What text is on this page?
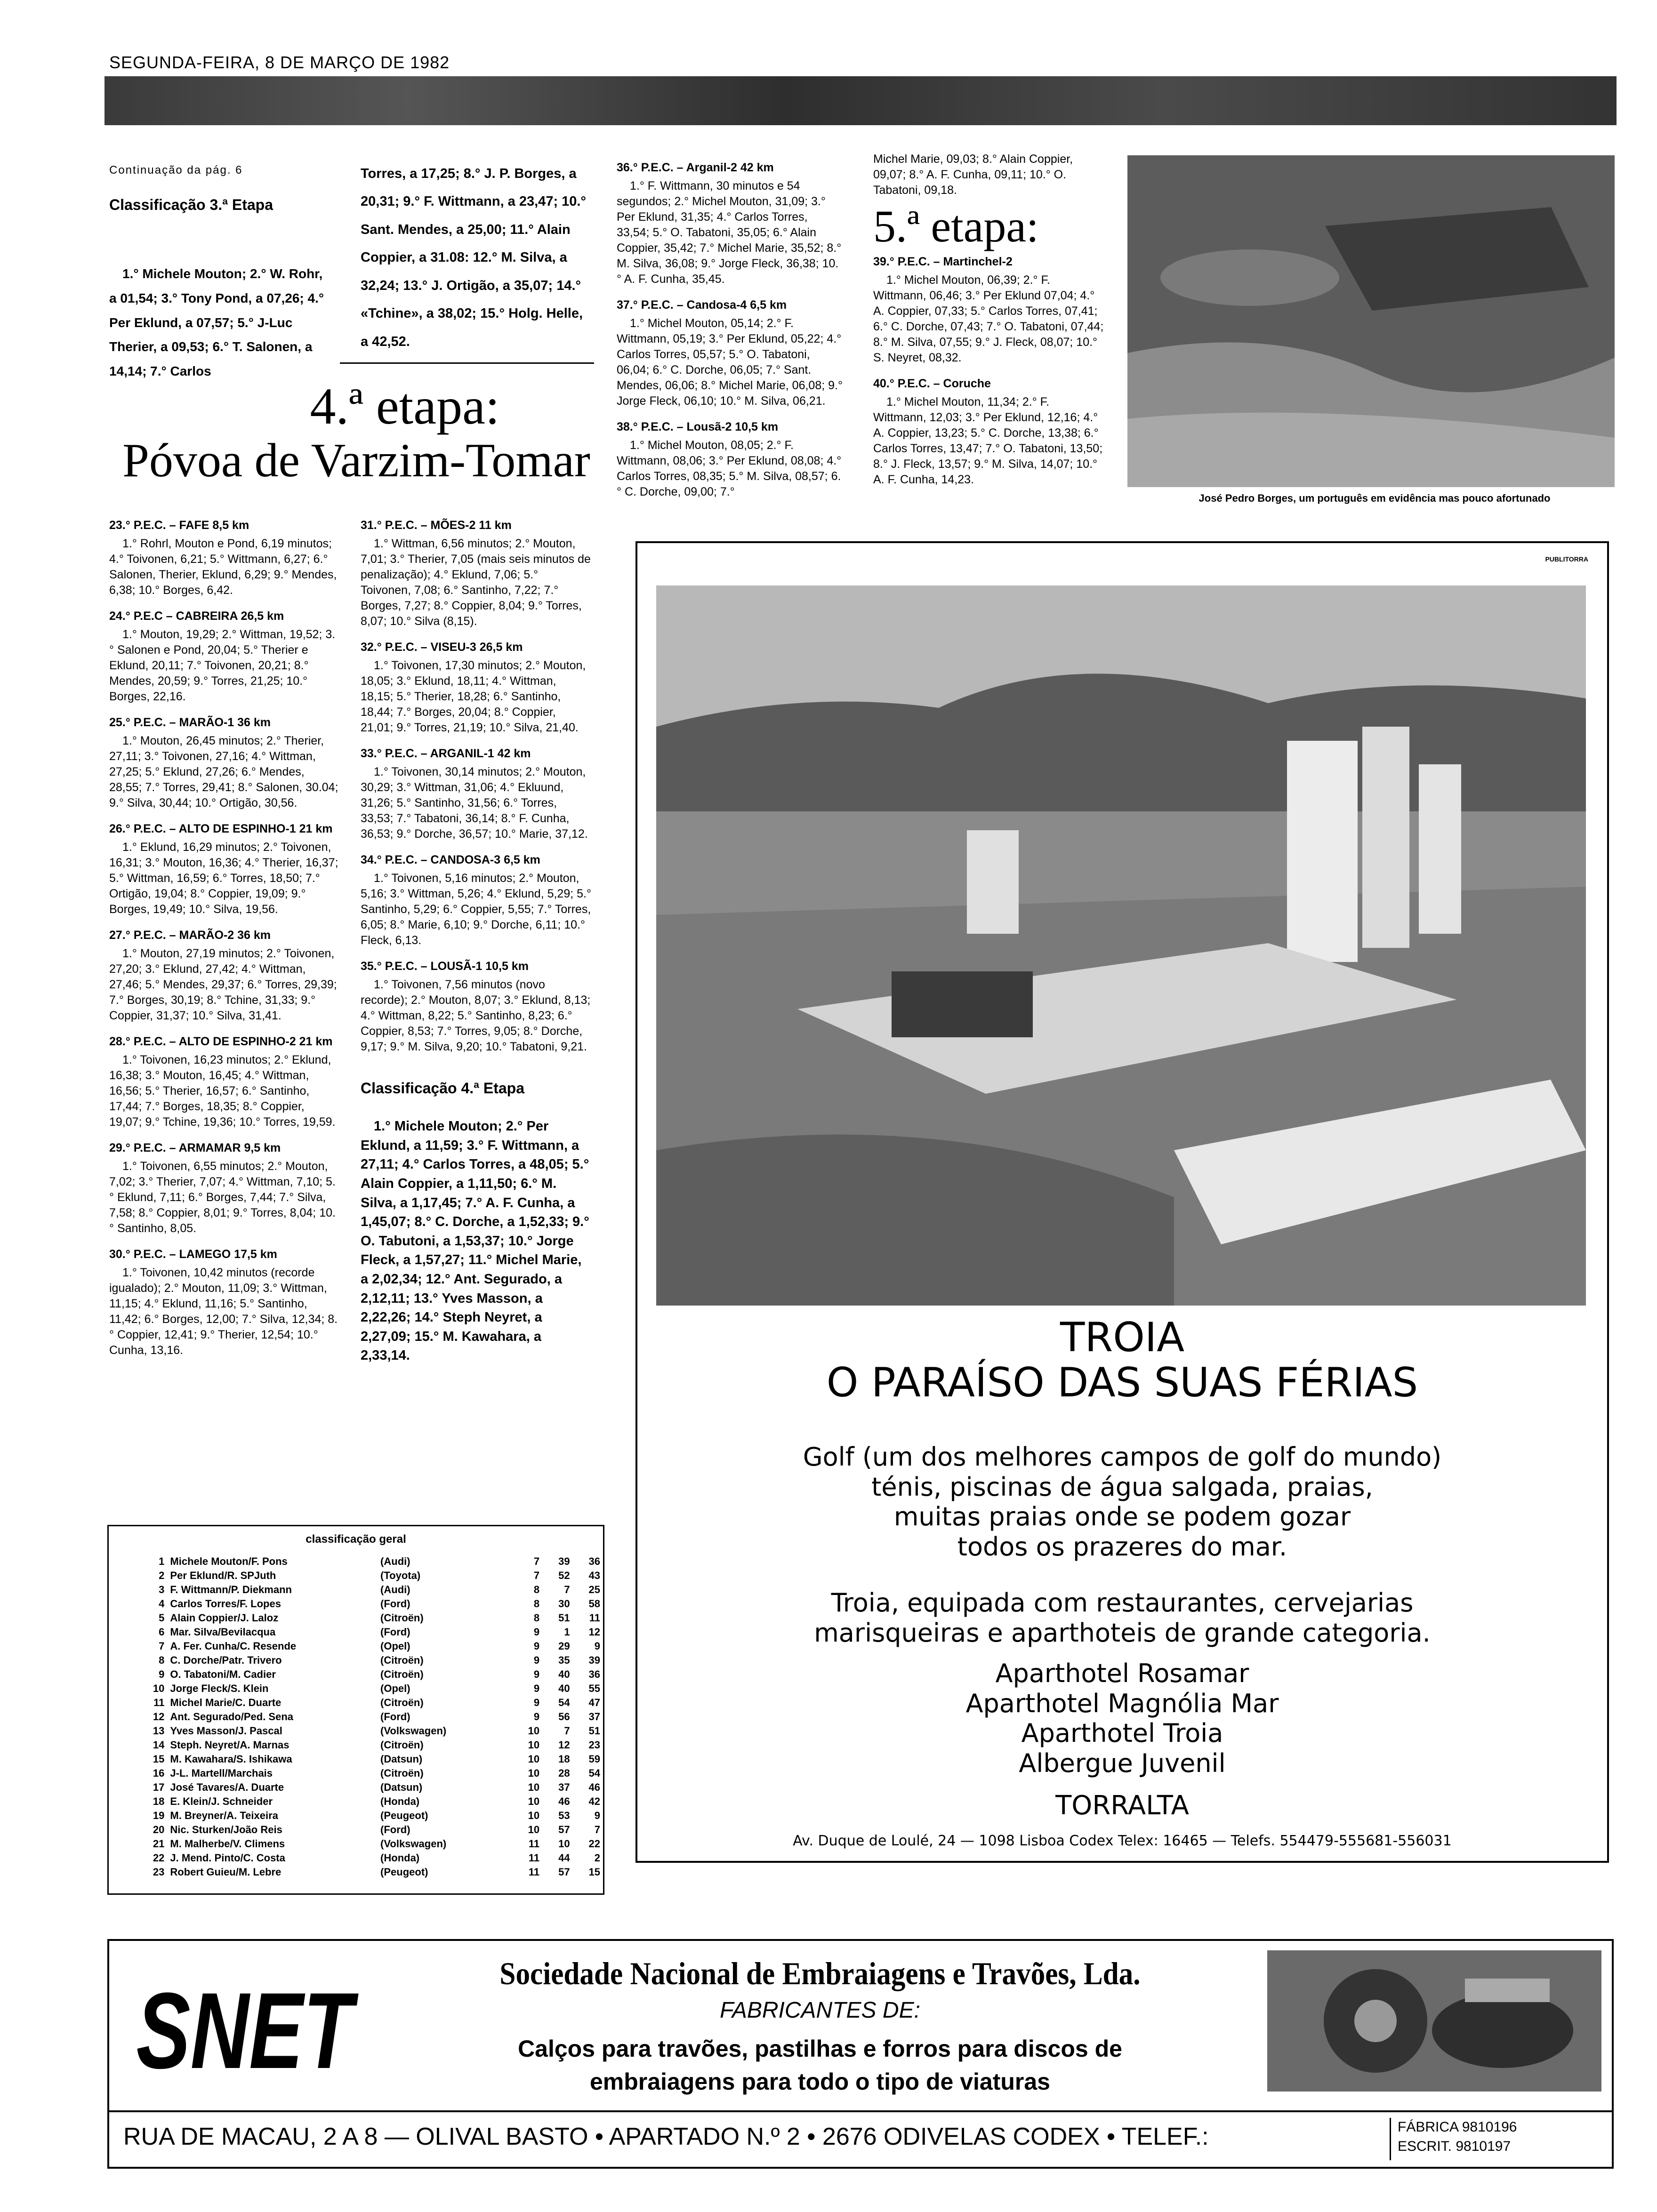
SEGUNDA-FEIRA, 8 DE MARÇO DE 1982
Continuação da pág. 6
Classificação 3.ª Etapa

1.° Michele Mouton; 2.° W. Rohr, a 01,54; 3.° Tony Pond, a 07,26; 4.° Per Eklund, a 07,57; 5.° J-Luc Therier, a 09,53; 6.° T. Salonen, a 14,14; 7.° Carlos

Torres, a 17,25; 8.° J. P. Borges, a 20,31; 9.° F. Wittmann, a 23,47; 10.° Sant. Mendes, a 25,00; 11.° Alain Coppier, a 31.08: 12.° M. Silva, a 32,24; 13.° J. Ortigão, a 35,07; 14.° «Tchine», a 38,02; 15.° Holg. Helle, a 42,52.

4.ª etapa:
Póvoa de Varzim-Tomar
23.° P.E.C. – FAFE 8,5 km

1.° Rohrl, Mouton e Pond, 6,19 minutos; 4.° Toivonen, 6,21; 5.° Wittmann, 6,27; 6.° Salonen, Therier, Eklund, 6,29; 9.° Mendes, 6,38; 10.° Borges, 6,42.

24.° P.E.C – CABREIRA 26,5 km

1.° Mouton, 19,29; 2.° Wittman, 19,52; 3.° Salonen e Pond, 20,04; 5.° Therier e Eklund, 20,11; 7.° Toivonen, 20,21; 8.° Mendes, 20,59; 9.° Torres, 21,25; 10.° Borges, 22,16.

25.° P.E.C. – MARÃO-1 36 km

1.° Mouton, 26,45 minutos; 2.° Therier, 27,11; 3.° Toivonen, 27,16; 4.° Wittman, 27,25; 5.° Eklund, 27,26; 6.° Mendes, 28,55; 7.° Torres, 29,41; 8.° Salonen, 30.04; 9.° Silva, 30,44; 10.° Ortigão, 30,56.

26.° P.E.C. – ALTO DE ESPINHO-1 21 km

1.° Eklund, 16,29 minutos; 2.° Toivonen, 16,31; 3.° Mouton, 16,36; 4.° Therier, 16,37; 5.° Wittman, 16,59; 6.° Torres, 18,50; 7.° Ortigão, 19,04; 8.° Coppier, 19,09; 9.° Borges, 19,49; 10.° Silva, 19,56.

27.° P.E.C. – MARÃO-2 36 km

1.° Mouton, 27,19 minutos; 2.° Toivonen, 27,20; 3.° Eklund, 27,42; 4.° Wittman, 27,46; 5.° Mendes, 29,37; 6.° Torres, 29,39; 7.° Borges, 30,19; 8.° Tchine, 31,33; 9.° Coppier, 31,37; 10.° Silva, 31,41.

28.° P.E.C. – ALTO DE ESPINHO-2 21 km

1.° Toivonen, 16,23 minutos; 2.° Eklund, 16,38; 3.° Mouton, 16,45; 4.° Wittman, 16,56; 5.° Therier, 16,57; 6.° Santinho, 17,44; 7.° Borges, 18,35; 8.° Coppier, 19,07; 9.° Tchine, 19,36; 10.° Torres, 19,59.

29.° P.E.C. – ARMAMAR 9,5 km

1.° Toivonen, 6,55 minutos; 2.° Mouton, 7,02; 3.° Therier, 7,07; 4.° Wittman, 7,10; 5.° Eklund, 7,11; 6.° Borges, 7,44; 7.° Silva, 7,58; 8.° Coppier, 8,01; 9.° Torres, 8,04; 10.° Santinho, 8,05.

30.° P.E.C. – LAMEGO 17,5 km

1.° Toivonen, 10,42 minutos (recorde igualado); 2.° Mouton, 11,09; 3.° Wittman, 11,15; 4.° Eklund, 11,16; 5.° Santinho, 11,42; 6.° Borges, 12,00; 7.° Silva, 12,34; 8.° Coppier, 12,41; 9.° Therier, 12,54; 10.° Cunha, 13,16.

31.° P.E.C. – MÕES-2 11 km

1.° Wittman, 6,56 minutos; 2.° Mouton, 7,01; 3.° Therier, 7,05 (mais seis minutos de penalização); 4.° Eklund, 7,06; 5.° Toivonen, 7,08; 6.° Santinho, 7,22; 7.° Borges, 7,27; 8.° Coppier, 8,04; 9.° Torres, 8,07; 10.° Silva (8,15).

32.° P.E.C. – VISEU-3 26,5 km

1.° Toivonen, 17,30 minutos; 2.° Mouton, 18,05; 3.° Eklund, 18,11; 4.° Wittman, 18,15; 5.° Therier, 18,28; 6.° Santinho, 18,44; 7.° Borges, 20,04; 8.° Coppier, 21,01; 9.° Torres, 21,19; 10.° Silva, 21,40.

33.° P.E.C. – ARGANIL-1 42 km

1.° Toivonen, 30,14 minutos; 2.° Mouton, 30,29; 3.° Wittman, 31,06; 4.° Ekluund, 31,26; 5.° Santinho, 31,56; 6.° Torres, 33,53; 7.° Tabatoni, 36,14; 8.° F. Cunha, 36,53; 9.° Dorche, 36,57; 10.° Marie, 37,12.

34.° P.E.C. – CANDOSA-3 6,5 km

1.° Toivonen, 5,16 minutos; 2.° Mouton, 5,16; 3.° Wittman, 5,26; 4.° Eklund, 5,29; 5.° Santinho, 5,29; 6.° Coppier, 5,55; 7.° Torres, 6,05; 8.° Marie, 6,10; 9.° Dorche, 6,11; 10.° Fleck, 6,13.

35.° P.E.C. – LOUSÃ-1 10,5 km

1.° Toivonen, 7,56 minutos (novo recorde); 2.° Mouton, 8,07; 3.° Eklund, 8,13; 4.° Wittman, 8,22; 5.° Santinho, 8,23; 6.° Coppier, 8,53; 7.° Torres, 9,05; 8.° Dorche, 9,17; 9.° M. Silva, 9,20; 10.° Tabatoni, 9,21.

Classificação 4.ª Etapa

1.° Michele Mouton; 2.° Per Eklund, a 11,59; 3.° F. Wittmann, a 27,11; 4.° Carlos Torres, a 48,05; 5.° Alain Coppier, a 1,11,50; 6.° M. Silva, a 1,17,45; 7.° A. F. Cunha, a 1,45,07; 8.° C. Dorche, a 1,52,33; 9.° O. Tabutoni, a 1,53,37; 10.° Jorge Fleck, a 1,57,27; 11.° Michel Marie, a 2,02,34; 12.° Ant. Segurado, a 2,12,11; 13.° Yves Masson, a 2,22,26; 14.° Steph Neyret, a 2,27,09; 15.° M. Kawahara, a 2,33,14.

36.° P.E.C. – Arganil-2 42 km

1.° F. Wittmann, 30 minutos e 54 segundos; 2.° Michel Mouton, 31,09; 3.° Per Eklund, 31,35; 4.° Carlos Torres, 33,54; 5.° O. Tabatoni, 35,05; 6.° Alain Coppier, 35,42; 7.° Michel Marie, 35,52; 8.° M. Silva, 36,08; 9.° Jorge Fleck, 36,38; 10.° A. F. Cunha, 35,45.

37.° P.E.C. – Candosa-4 6,5 km

1.° Michel Mouton, 05,14; 2.° F. Wittmann, 05,19; 3.° Per Eklund, 05,22; 4.° Carlos Torres, 05,57; 5.° O. Tabatoni, 06,04; 6.° C. Dorche, 06,05; 7.° Sant. Mendes, 06,06; 8.° Michel Marie, 06,08; 9.° Jorge Fleck, 06,10; 10.° M. Silva, 06,21.

38.° P.E.C. – Lousã-2 10,5 km

1.° Michel Mouton, 08,05; 2.° F. Wittmann, 08,06; 3.° Per Eklund, 08,08; 4.° Carlos Torres, 08,35; 5.° M. Silva, 08,57; 6.° C. Dorche, 09,00; 7.°

Michel Marie, 09,03; 8.° Alain Coppier, 09,07; 8.° A. F. Cunha, 09,11; 10.° O. Tabatoni, 09,18.

5.ª etapa:
39.° P.E.C. – Martinchel-2

1.° Michel Mouton, 06,39; 2.° F. Wittmann, 06,46; 3.° Per Eklund 07,04; 4.° A. Coppier, 07,33; 5.° Carlos Torres, 07,41; 6.° C. Dorche, 07,43; 7.° O. Tabatoni, 07,44; 8.° M. Silva, 07,55; 9.° J. Fleck, 08,07; 10.° S. Neyret, 08,32.

40.° P.E.C. – Coruche

1.° Michel Mouton, 11,34; 2.° F. Wittmann, 12,03; 3.° Per Eklund, 12,16; 4.° A. Coppier, 13,23; 5.° C. Dorche, 13,38; 6.° Carlos Torres, 13,47; 7.° O. Tabatoni, 13,50; 8.° J. Fleck, 13,57; 9.° M. Silva, 14,07; 10.° A. F. Cunha, 14,23.

José Pedro Borges, um português em evidência mas pouco afortunado
classificação geral
1	Michele Mouton/F. Pons	(Audi)	7	39	36
2	Per Eklund/R. SPJuth	(Toyota)	7	52	43
3	F. Wittmann/P. Diekmann	(Audi)	8	7	25
4	Carlos Torres/F. Lopes	(Ford)	8	30	58
5	Alain Coppier/J. Laloz	(Citroën)	8	51	11
6	Mar. Silva/Bevilacqua	(Ford)	9	1	12
7	A. Fer. Cunha/C. Resende	(Opel)	9	29	9
8	C. Dorche/Patr. Trivero	(Citroën)	9	35	39
9	O. Tabatoni/M. Cadier	(Citroën)	9	40	36
10	Jorge Fleck/S. Klein	(Opel)	9	40	55
11	Michel Marie/C. Duarte	(Citroën)	9	54	47
12	Ant. Segurado/Ped. Sena	(Ford)	9	56	37
13	Yves Masson/J. Pascal	(Volkswagen)	10	7	51
14	Steph. Neyret/A. Marnas	(Citroën)	10	12	23
15	M. Kawahara/S. Ishikawa	(Datsun)	10	18	59
16	J-L. Martell/Marchais	(Citroën)	10	28	54
17	José Tavares/A. Duarte	(Datsun)	10	37	46
18	E. Klein/J. Schneider	(Honda)	10	46	42
19	M. Breyner/A. Teixeira	(Peugeot)	10	53	9
20	Nic. Sturken/João Reis	(Ford)	10	57	7
21	M. Malherbe/V. Climens	(Volkswagen)	11	10	22
22	J. Mend. Pinto/C. Costa	(Honda)	11	44	2
23	Robert Guieu/M. Lebre	(Peugeot)	11	57	15
PUBLITORRA
TROIA
O PARAÍSO DAS SUAS FÉRIAS
Golf (um dos melhores campos de golf do mundo)
ténis, piscinas de água salgada, praias,
muitas praias onde se podem gozar
todos os prazeres do mar.
Troia, equipada com restaurantes, cervejarias
marisqueiras e aparthoteis de grande categoria.
Aparthotel Rosamar
Aparthotel Magnólia Mar
Aparthotel Troia
Albergue Juvenil
TORRALTA
Av. Duque de Loulé, 24 — 1098 Lisboa Codex Telex: 16465 — Telefs. 554479-555681-556031
SNET	Sociedade Nacional de Embraiagens e Travões, Lda.
FABRICANTES DE:
Calços para travões, pastilhas e forros para discos de
embraiagens para todo o tipo de viaturas
RUA DE MACAU, 2 A 8 — OLIVAL BASTO • APARTADO N.º 2 • 2676 ODIVELAS CODEX • TELEF.:	FÁBRICA 9810196
ESCRIT. 9810197
